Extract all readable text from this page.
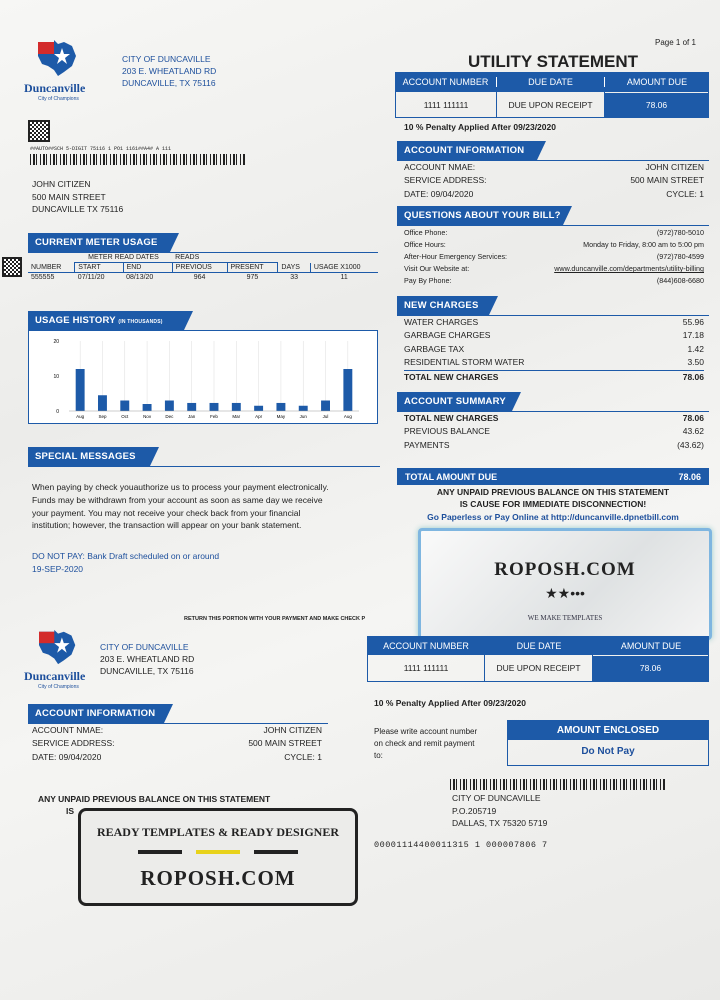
Duncanville
City of Champions
CITY OF DUNCAVILLE
203 E. WHEATLAND RD
DUNCAVILLE, TX 75116
Page 1 of 1
UTILITY STATEMENT
##AUTO##SCH 5-DIGIT 75116 1 PO1 1161##A4# A 111
JOHN CITIZEN
500 MAIN STREET
DUNCAVILLE TX 75116
ACCOUNT NUMBER	DUE DATE	AMOUNT DUE
1111 111111	DUE UPON RECEIPT	78.06
10 % Penalty Applied After 09/23/2020
ACCOUNT INFORMATION
ACCOUNT NMAE:	JOHN CITIZEN
SERVICE ADDRESS:	500 MAIN STREET
DATE: 09/04/2020	CYCLE: 1
QUESTIONS ABOUT YOUR BILL?
Office Phone:	(972)780-5010
Office Hours:	Monday to Friday, 8:00 am to 5:00 pm
After-Hour Emergency Services:	(972)780-4599
Visit Our Website at:	www.duncanville.com/departments/utility-billing
Pay By Phone:	(844)608-6680
NEW CHARGES
WATER CHARGES	55.96
GARBAGE CHARGES	17.18
GARBAGE TAX	1.42
RESIDENTIAL STORM WATER	3.50
TOTAL NEW CHARGES	78.06
ACCOUNT SUMMARY
TOTAL NEW CHARGES	78.06
PREVIOUS BALANCE	43.62
PAYMENTS	(43.62)
TOTAL AMOUNT DUE	78.06
ANY UNPAID PREVIOUS BALANCE ON THIS STATEMENT
IS CAUSE FOR IMMEDIATE DISCONNECTION!
Go Paperless or Pay Online at http://duncanville.dpnetbill.com
ROPOSH.COM
★★•••
WE MAKE TEMPLATES
CURRENT METER USAGE
	METER READ DATES		READS			
NUMBER	START	END	PREVIOUS	PRESENT	DAYS	USAGE X1000
555555	07/11/20	08/13/20	964	975	33	11
USAGE HISTORY (IN THOUSANDS)
0
10
20
Aug	Sep	Oct	Nov	Dec	Jan	Feb	Mar	Apr	May	Jun	Jul	Aug
SPECIAL MESSAGES
When paying by check youauthorize us to process your payment electronically. Funds may be withdrawn from your account as soon as same day we receive your payment. You may not receive your check back from your financial institution; however, the transaction will appear on your bank statement.
DO NOT PAY: Bank Draft scheduled on or around
19-SEP-2020
RETURN THIS PORTION WITH YOUR PAYMENT AND MAKE CHECK P
Duncanville
City of Champions
CITY OF DUNCAVILLE
203 E. WHEATLAND RD
DUNCAVILLE, TX 75116
ACCOUNT NUMBER	DUE DATE	AMOUNT DUE
1111 111111	DUE UPON RECEIPT	78.06
10 % Penalty Applied After 09/23/2020
ACCOUNT INFORMATION
ACCOUNT NMAE:	JOHN CITIZEN
SERVICE ADDRESS:	500 MAIN STREET
DATE: 09/04/2020	CYCLE: 1
Please write account number on check and remit payment to:
AMOUNT ENCLOSED
Do Not Pay
CITY OF DUNCAVILLE
P.O.205719
DALLAS, TX 75320 5719
ANY UNPAID PREVIOUS BALANCE ON THIS STATEMENT
IS
00001114400011315 1 000007806 7
READY TEMPLATES & READY DESIGNER
ROPOSH.COM
